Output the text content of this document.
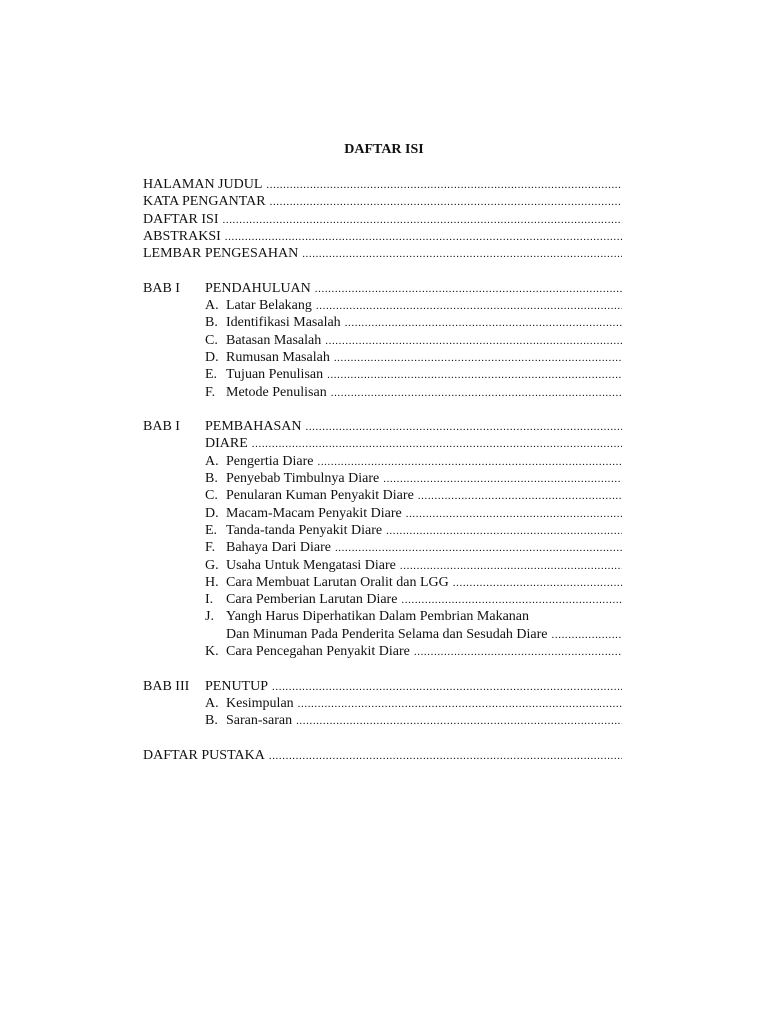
DAFTAR ISI
HALAMAN JUDUL
.....
KATA PENGANTAR
.....
DAFTAR ISI
.....
ABSTRAKSI
.....
LEMBAR PENGESAHAN
.....
BAB I	PENDAHULUAN
.....
A. Latar Belakang
.....
B. Identifikasi Masalah
.....
C. Batasan Masalah
.....
D. Rumusan Masalah
.....
E. Tujuan Penulisan
.....
F. Metode Penulisan
.....
BAB I	PEMBAHASAN
.....
DIARE
.....
A. Pengertia Diare
.....
B. Penyebab Timbulnya Diare
.....
C. Penularan Kuman Penyakit Diare
.....
D. Macam-Macam Penyakit Diare
.....
E. Tanda-tanda Penyakit Diare
.....
F. Bahaya Dari Diare
.....
G. Usaha Untuk Mengatasi Diare
.....
H. Cara Membuat Larutan Oralit dan LGG
.....
I. Cara Pemberian Larutan Diare
.....
J. Yangh Harus Diperhatikan Dalam Pembrian Makanan
Dan Minuman Pada Penderita Selama dan Sesudah Diare
.....
K. Cara Pencegahan Penyakit Diare
.....
BAB III	PENUTUP
.....
A. Kesimpulan
.....
B. Saran-saran
.....
DAFTAR PUSTAKA
.....
